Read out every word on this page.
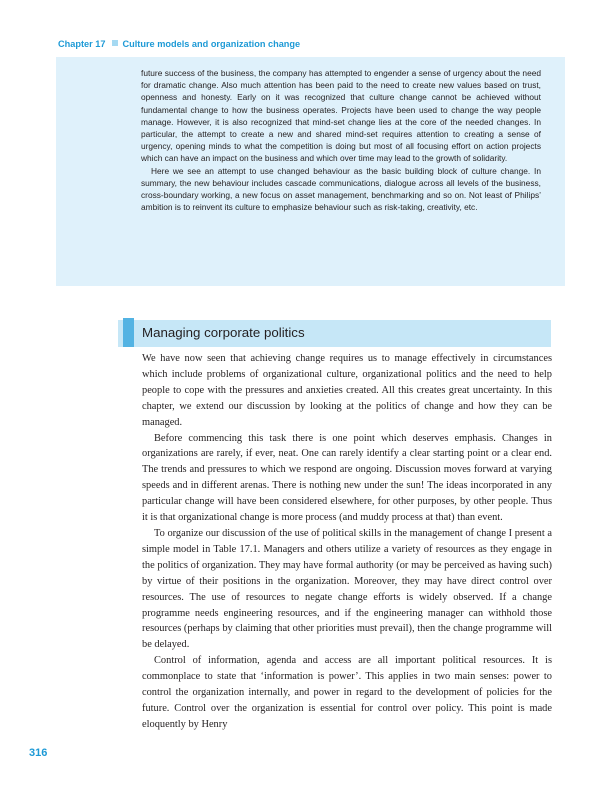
Chapter 17 Culture models and organization change

future success of the business, the company has attempted to engender a sense of urgency about the need for dramatic change. Also much attention has been paid to the need to create new values based on trust, openness and honesty. Early on it was recognized that culture change cannot be achieved without fundamental change to how the business operates. Projects have been used to change the way people manage. However, it is also recognized that mind-set change lies at the core of the needed changes. In particular, the attempt to create a new and shared mind-set requires attention to creating a sense of urgency, opening minds to what the competition is doing but most of all focusing effort on action projects which can have an impact on the business and which over time may lead to the growth of solidarity.

Here we see an attempt to use changed behaviour as the basic building block of culture change. In summary, the new behaviour includes cascade communications, dialogue across all levels of the business, cross-boundary working, a new focus on asset management, benchmarking and so on. Not least of Philips’ ambition is to reinvent its culture to emphasize behaviour such as risk-taking, creativity, etc.

Managing corporate politics

We have now seen that achieving change requires us to manage effectively in circumstances which include problems of organizational culture, organizational politics and the need to help people to cope with the pressures and anxieties created. All this creates great uncertainty. In this chapter, we extend our discussion by looking at the politics of change and how they can be managed.

Before commencing this task there is one point which deserves emphasis. Changes in organizations are rarely, if ever, neat. One can rarely identify a clear starting point or a clear end. The trends and pressures to which we respond are ongoing. Discussion moves forward at varying speeds and in different arenas. There is nothing new under the sun! The ideas incorporated in any particular change will have been considered elsewhere, for other purposes, by other people. Thus it is that organizational change is more process (and muddy process at that) than event.

To organize our discussion of the use of political skills in the management of change I present a simple model in Table 17.1. Managers and others utilize a variety of resources as they engage in the politics of organization. They may have formal authority (or may be perceived as having such) by virtue of their positions in the organization. Moreover, they may have direct control over resources. The use of resources to negate change efforts is widely observed. If a change programme needs engineering resources, and if the engineering manager can withhold those resources (perhaps by claiming that other priorities must prevail), then the change programme will be delayed.

Control of information, agenda and access are all important political resources. It is commonplace to state that ‘information is power’. This applies in two main senses: power to control the organization internally, and power in regard to the development of policies for the future. Control over the organization is essential for control over policy. This point is made eloquently by Henry

316
